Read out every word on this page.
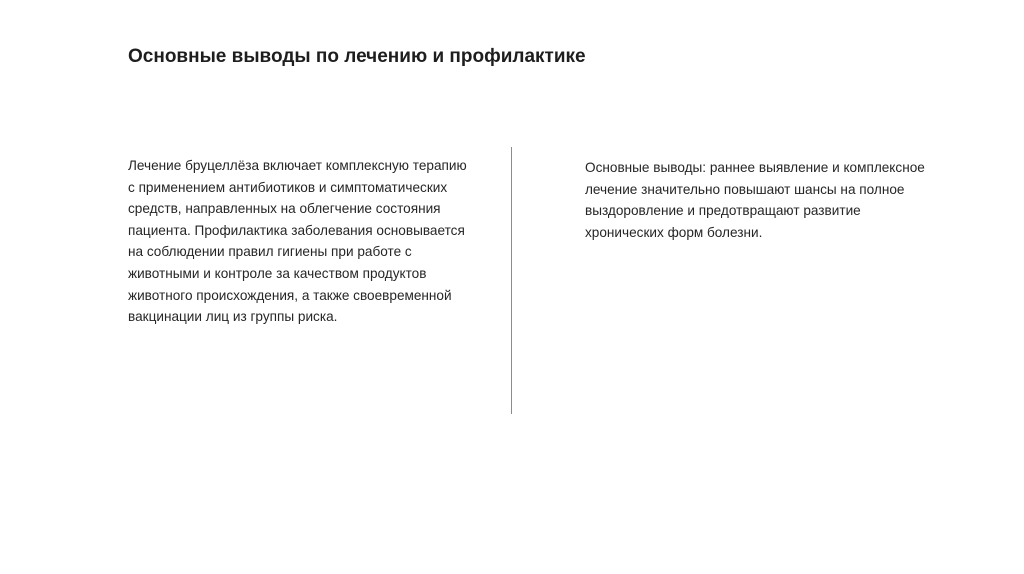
Основные выводы по лечению и профилактике

Лечение бруцеллёза включает комплексную терапию с применением антибиотиков и симптоматических средств, направленных на облегчение состояния пациента. Профилактика заболевания основывается на соблюдении правил гигиены при работе с животными и контроле за качеством продуктов животного происхождения, а также своевременной вакцинации лиц из группы риска.

Основные выводы: раннее выявление и комплексное лечение значительно повышают шансы на полное выздоровление и предотвращают развитие хронических форм болезни.
